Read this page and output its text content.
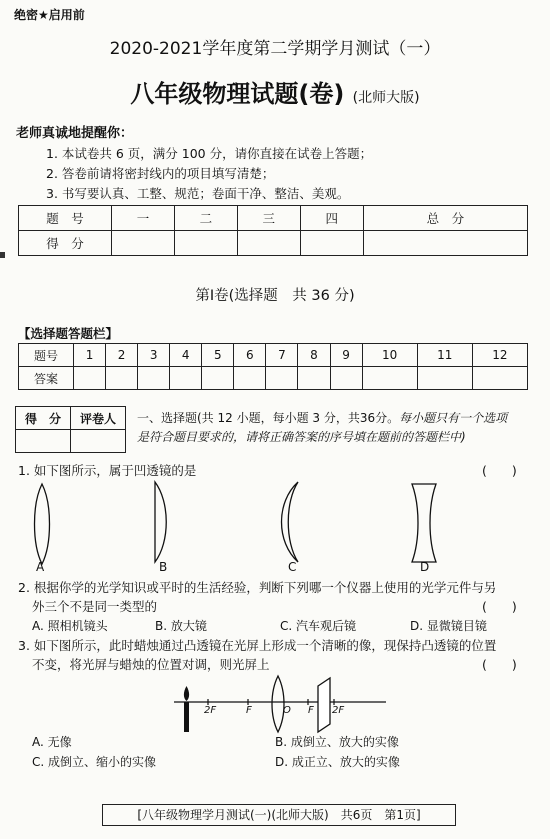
绝密★启用前
2020-2021学年度第二学期学月测试（一）
八年级物理试题(卷) (北师大版)
老师真诚地提醒你：
1. 本试卷共 6 页，满分 100 分，请你直接在试卷上答题；
2. 答卷前请将密封线内的项目填写清楚；
3. 书写要认真、工整、规范；卷面干净、整洁、美观。
题　号	一	二	三	四	总　分
得　分					
第Ⅰ卷(选择题　共 36 分)
【选择题答题栏】
题号	1	2	3	4	5	6	7	8	9	10	11	12
答案												
得　分	评卷人
	一、选择题(共 12 小题，每小题 3 分，共36分。每小题只有一个选项
是符合题目要求的，请将正确答案的序号填在题前的答题栏中)
1. 如下图所示，属于凹透镜的是	(　　)
A	B	C	D
2. 根据你学的光学知识或平时的生活经验，判断下列哪一个仪器上使用的光学元件与另
外三个不是同一类型的	(　　)
A. 照相机镜头	B. 放大镜	C. 汽车观后镜	D. 显微镜目镜
3. 如下图所示，此时蜡烛通过凸透镜在光屏上形成一个清晰的像，现保持凸透镜的位置
不变，将光屏与蜡烛的位置对调，则光屏上	(　　)
2F	F	O F 2F
A. 无像	B. 成倒立、放大的实像
C. 成倒立、缩小的实像	D. 成正立、放大的实像
[八年级物理学月测试(一)(北师大版)　共6页　第1页]
